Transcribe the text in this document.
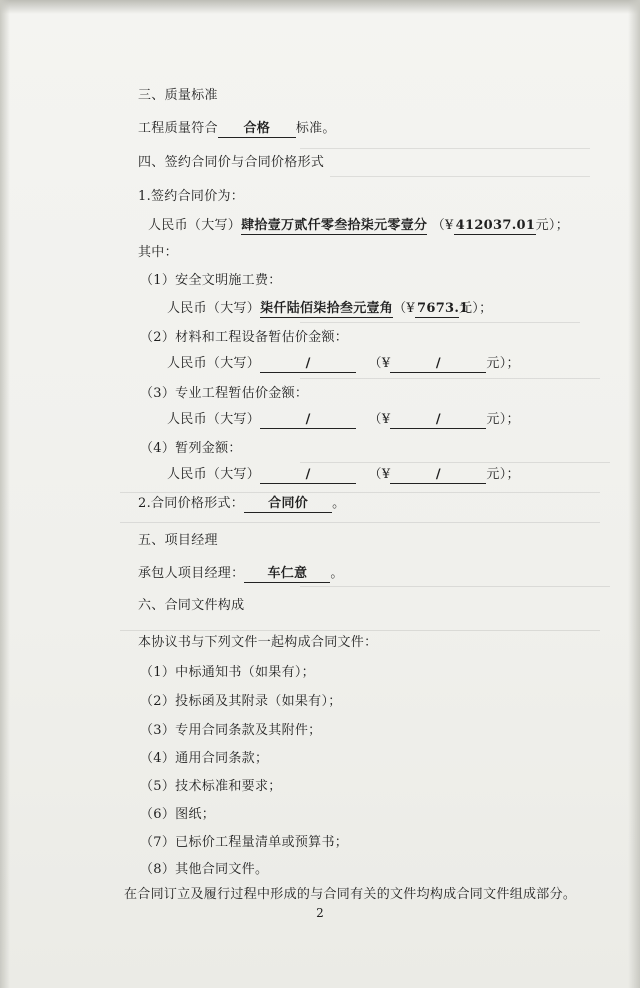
三、质量标准
工程质量符合 合格 标准。
四、签约合同价与合同价格形式
1.签约合同价为：
人民币（大写）肆拾壹万贰仟零叁拾柒元零壹分 （¥ 412037.01元）；
其中：
（1）安全文明施工费：
人民币（大写）柒仟陆佰柒拾叁元壹角（¥ 7673.1元）；
（2）材料和工程设备暂估价金额：
人民币（大写）	/	（¥	/	元）；
（3）专业工程暂估价金额：
人民币（大写）	/	（¥	/	元）；
（4）暂列金额：
人民币（大写）	/	（¥	/	元）；
2.合同价格形式： 合同价 。
五、项目经理
承包人项目经理： 车仁意 。
六、合同文件构成
本协议书与下列文件一起构成合同文件：
（1）中标通知书（如果有）；
（2）投标函及其附录（如果有）；
（3）专用合同条款及其附件；
（4）通用合同条款；
（5）技术标准和要求；
（6）图纸；
（7）已标价工程量清单或预算书；
（8）其他合同文件。
在合同订立及履行过程中形成的与合同有关的文件均构成合同文件组成部分。
2
